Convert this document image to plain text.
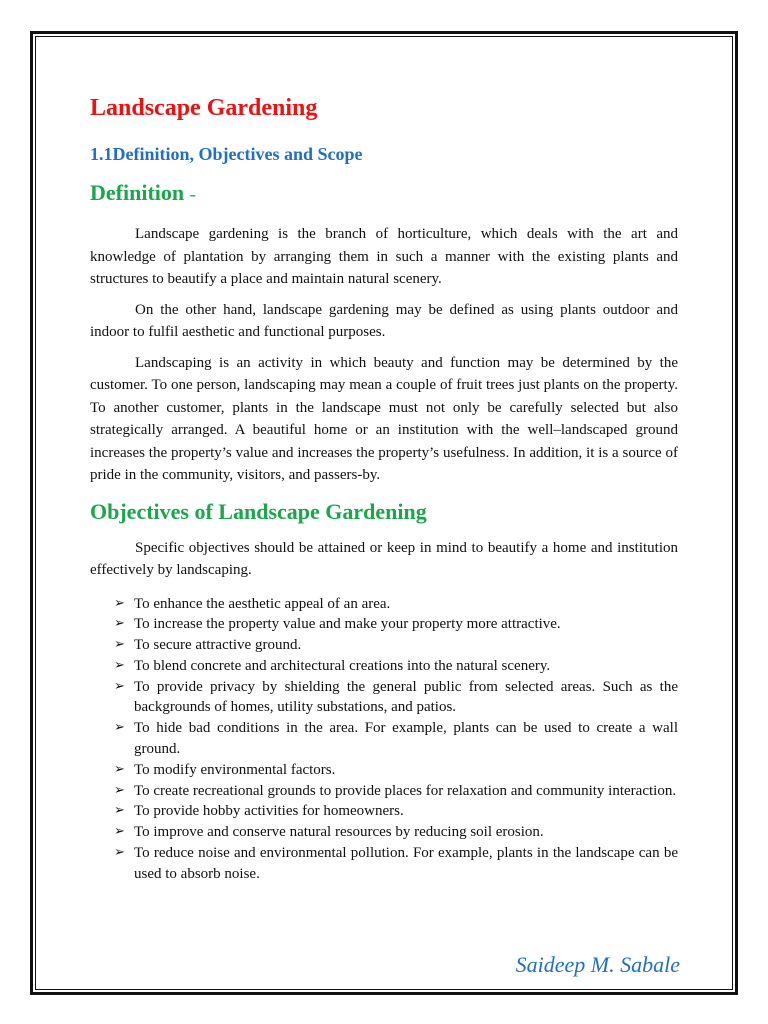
Landscape Gardening
1.1Definition, Objectives and Scope
Definition -

Landscape gardening is the branch of horticulture, which deals with the art and knowledge of plantation by arranging them in such a manner with the existing plants and structures to beautify a place and maintain natural scenery.

On the other hand, landscape gardening may be defined as using plants outdoor and indoor to fulfil aesthetic and functional purposes.

Landscaping is an activity in which beauty and function may be determined by the customer. To one person, landscaping may mean a couple of fruit trees just plants on the property. To another customer, plants in the landscape must not only be carefully selected but also strategically arranged. A beautiful home or an institution with the well–landscaped ground increases the property’s value and increases the property’s usefulness. In addition, it is a source of pride in the community, visitors, and passers-by.

Objectives of Landscape Gardening

Specific objectives should be attained or keep in mind to beautify a home and institution effectively by landscaping.

➢ To enhance the aesthetic appeal of an area.
➢ To increase the property value and make your property more attractive.
➢ To secure attractive ground.
➢ To blend concrete and architectural creations into the natural scenery.
➢ To provide privacy by shielding the general public from selected areas. Such as the backgrounds of homes, utility substations, and patios.
➢ To hide bad conditions in the area. For example, plants can be used to create a wall ground.
➢ To modify environmental factors.
➢ To create recreational grounds to provide places for relaxation and community interaction.
➢ To provide hobby activities for homeowners.
➢ To improve and conserve natural resources by reducing soil erosion.
➢ To reduce noise and environmental pollution. For example, plants in the landscape can be used to absorb noise.
Saideep M. Sabale
